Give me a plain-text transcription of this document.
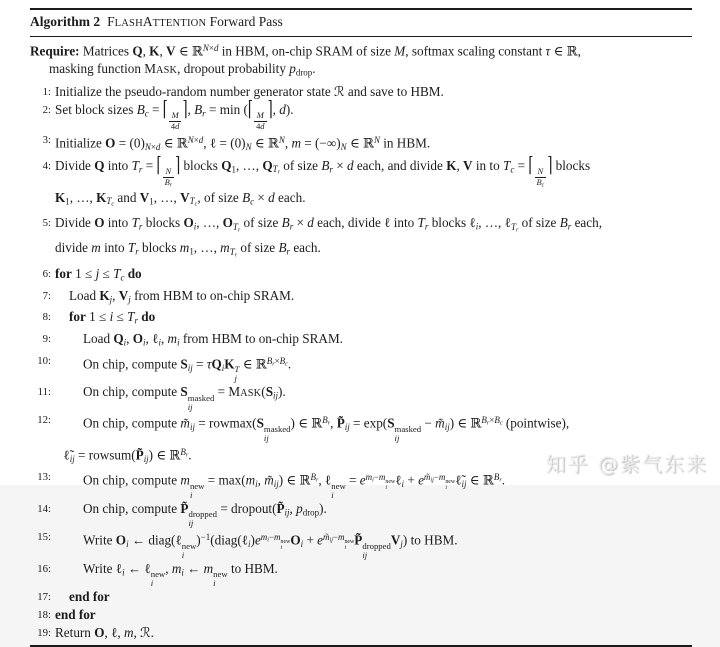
Algorithm 2 FLASHATTENTION Forward Pass
Require: Matrices Q, K, V ∈ ℝ$^{N\times d}$ in HBM, on-chip SRAM of size M, softmax scaling constant τ ∈ ℝ,
masking function MASK, dropout probability pdrop.
1: Initialize the pseudo-random number generator state ℛ and save to HBM.
2: Set block sizes Bc = ⌈
$\frac{M}{4d}$
⌉, Br = min (⌈
$\frac{M}{4d}$
⌉, d).
3: Initialize O = (0)N×d ∈ ℝ$^{N\times d}$, ℓ = (0)N ∈ ℝ$^N$, m = (−∞)N ∈ ℝ$^N$ in HBM.
4: Divide Q into Tr = ⌈
$\frac{N}{Br}$
⌉ blocks Q1, …, QTr of size Br × d each, and divide K, V in to Tc = ⌈
$\frac{N}{Bc}$
⌉ blocks
K1, …, KTc and V1, …, VTc, of size Bc × d each.
5: Divide O into Tr blocks Oi, …, OTr of size Br × d each, divide ℓ into Tr blocks ℓi, …, ℓTr of size Br each,
divide m into Tr blocks m1, …, mTr of size Br each.
6: for 1 ≤ j ≤ Tc do
7: Load Kj, Vj from HBM to on-chip SRAM.
8: for 1 ≤ i ≤ Tr do
9: Load Qi, Oi, ℓi, mi from HBM to on-chip SRAM.
10: On chip, compute Sij = τQiK T
j
∈ ℝ$^{Br\times Bc}$.
11: On chip, compute S masked
ij
= MASK(Sij).
12: On chip, compute m̃ij = rowmax(S masked
ij
) ∈ ℝ$^{Br}$, P̃ij = exp(S masked
ij
− m̃ij) ∈ ℝ$^{Br\times Bc}$ (pointwise),
ℓ̃ij = rowsum(P̃ij) ∈ ℝ$^{Br}$.
13: On chip, compute m new
i
= max(mi, m̃ij) ∈ ℝ$^{Br}$, ℓ new
i
= $e^{mi-m new i}$
ℓi + $e^{m̃ij-m new i}$
ℓ̃ij ∈ ℝ$^{Br}$.
14: On chip, compute P̃ dropped
ij
= dropout(P̃ij, pdrop).
15: Write Oi ← diag(ℓ new
i
)$^{-1}(diag(\ell i)e^{mi-m new i}$
$Oi + e^{m̃ij-m new i}$
P̃ dropped
ij
Vj) to HBM.
16: Write ℓi ← ℓ new
i
, mi ← m new
i
to HBM.
17: end for
18: end for
19: Return O, ℓ, m, ℛ.
知乎 @紫气东来
